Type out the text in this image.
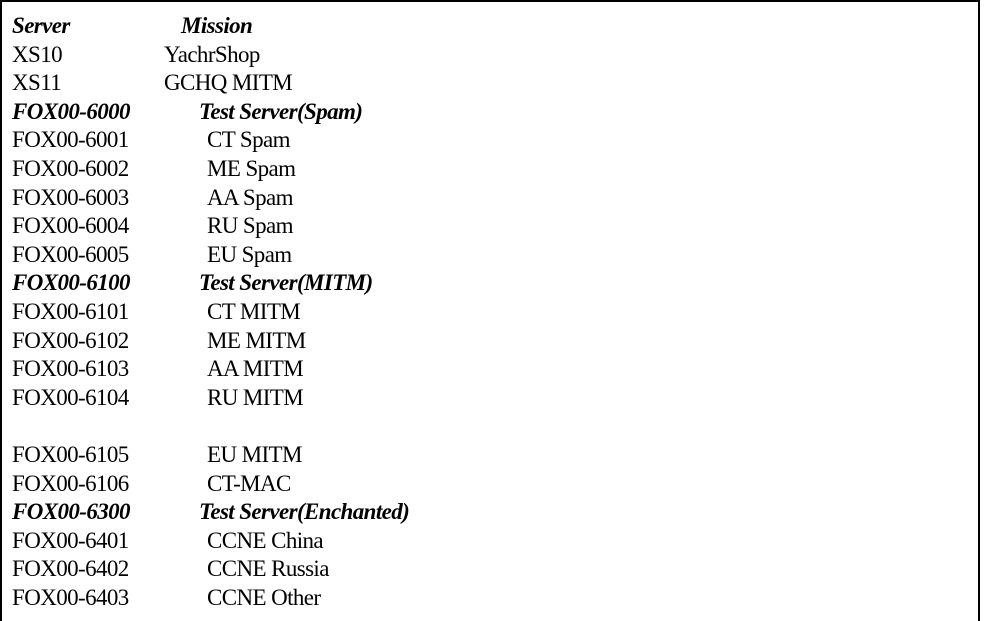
Server	Mission
XS10	YachrShop
XS11	GCHQ MITM
FOX00-6000	Test Server(Spam)
FOX00-6001	CT Spam
FOX00-6002	ME Spam
FOX00-6003	AA Spam
FOX00-6004	RU Spam
FOX00-6005	EU Spam
FOX00-6100	Test Server(MITM)
FOX00-6101	CT MITM
FOX00-6102	ME MITM
FOX00-6103	AA MITM
FOX00-6104	RU MITM
FOX00-6105	EU MITM
FOX00-6106	CT-MAC
FOX00-6300	Test Server(Enchanted)
FOX00-6401	CCNE China
FOX00-6402	CCNE Russia
FOX00-6403	CCNE Other
